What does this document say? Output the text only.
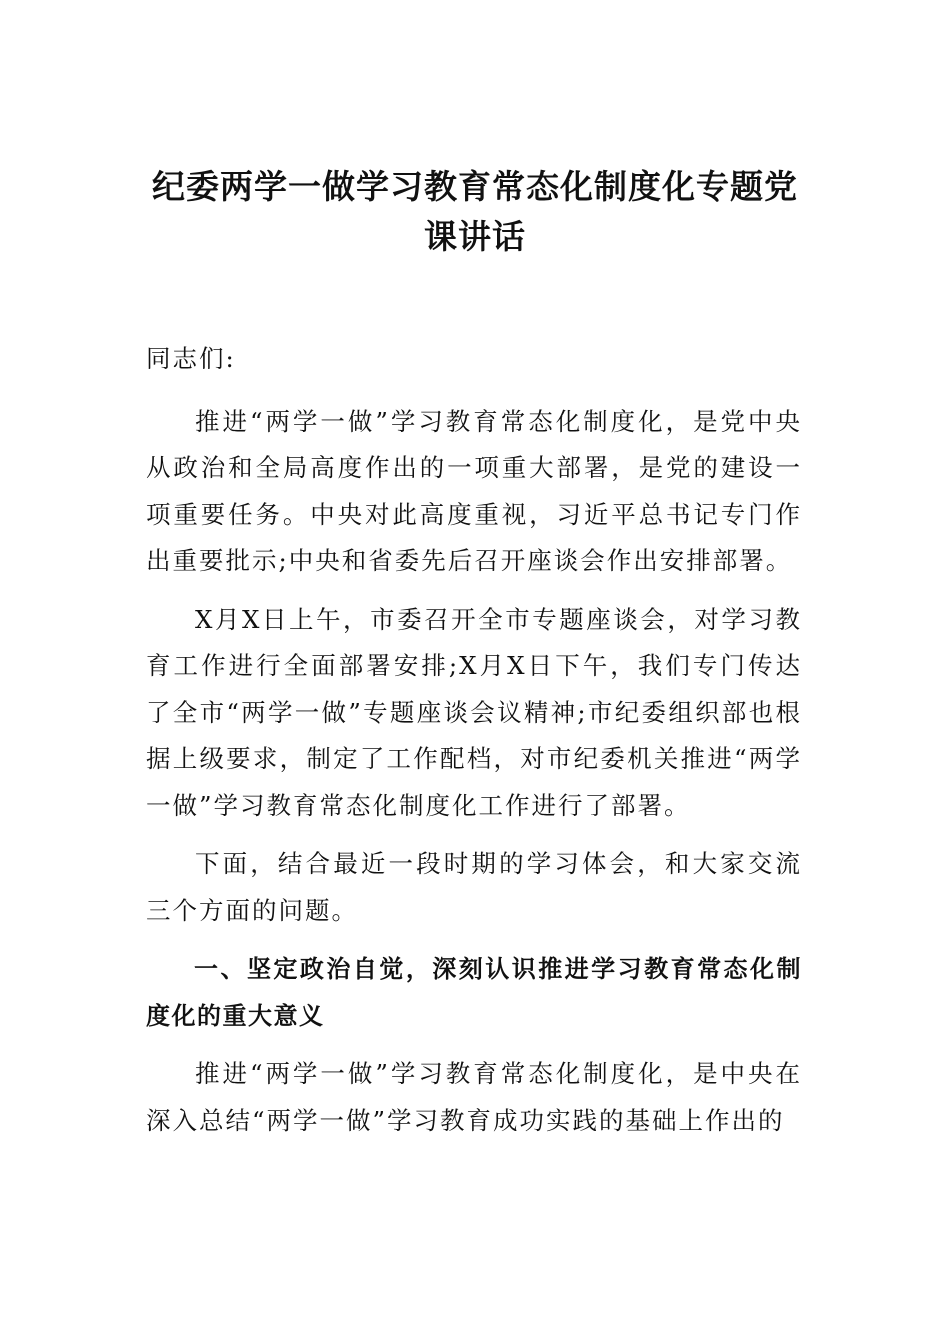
纪委两学一做学习教育常态化制度化专题党课讲话

同志们:

推进“两学一做”学习教育常态化制度化，是党中央从政治和全局高度作出的一项重大部署，是党的建设一项重要任务。中央对此高度重视，习近平总书记专门作出重要批示;中央和省委先后召开座谈会作出安排部署。

X月X日上午，市委召开全市专题座谈会，对学习教育工作进行全面部署安排;X月X日下午，我们专门传达了全市“两学一做”专题座谈会议精神;市纪委组织部也根据上级要求，制定了工作配档，对市纪委机关推进“两学一做”学习教育常态化制度化工作进行了部署。

下面，结合最近一段时期的学习体会，和大家交流三个方面的问题。

一、坚定政治自觉，深刻认识推进学习教育常态化制度化的重大意义

推进“两学一做”学习教育常态化制度化，是中央在深入总结“两学一做”学习教育成功实践的基础上作出的
